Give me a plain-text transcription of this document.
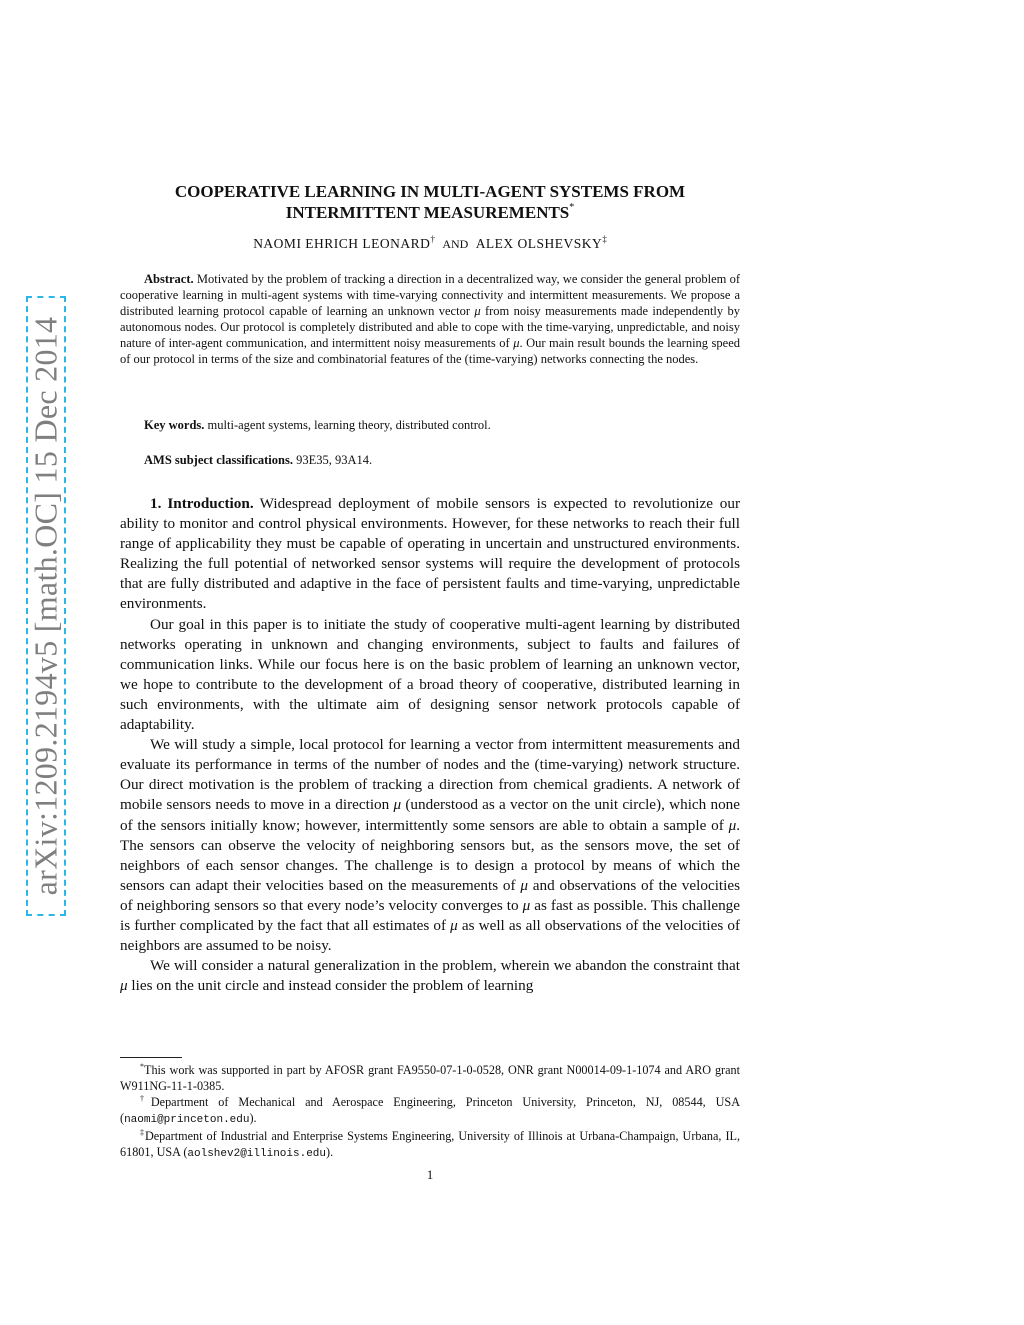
arXiv:1209.2194v5 [math.OC] 15 Dec 2014
COOPERATIVE LEARNING IN MULTI-AGENT SYSTEMS FROM
INTERMITTENT MEASUREMENTS*
NAOMI EHRICH LEONARD† AND ALEX OLSHEVSKY‡
Abstract. Motivated by the problem of tracking a direction in a decentralized way, we consider the general problem of cooperative learning in multi-agent systems with time-varying connectivity and intermittent measurements. We propose a distributed learning protocol capable of learning an unknown vector μ from noisy measurements made independently by autonomous nodes. Our protocol is completely distributed and able to cope with the time-varying, unpredictable, and noisy nature of inter-agent communication, and intermittent noisy measurements of μ. Our main result bounds the learning speed of our protocol in terms of the size and combinatorial features of the (time-varying) networks connecting the nodes.
Key words. multi-agent systems, learning theory, distributed control.
AMS subject classifications. 93E35, 93A14.

1. Introduction. Widespread deployment of mobile sensors is expected to revolutionize our ability to monitor and control physical environments. However, for these networks to reach their full range of applicability they must be capable of operating in uncertain and unstructured environments. Realizing the full potential of networked sensor systems will require the development of protocols that are fully distributed and adaptive in the face of persistent faults and time-varying, unpredictable environments.

Our goal in this paper is to initiate the study of cooperative multi-agent learning by distributed networks operating in unknown and changing environments, subject to faults and failures of communication links. While our focus here is on the basic problem of learning an unknown vector, we hope to contribute to the development of a broad theory of cooperative, distributed learning in such environments, with the ultimate aim of designing sensor network protocols capable of adaptability.

We will study a simple, local protocol for learning a vector from intermittent measurements and evaluate its performance in terms of the number of nodes and the (time-varying) network structure. Our direct motivation is the problem of tracking a direction from chemical gradients. A network of mobile sensors needs to move in a direction μ (understood as a vector on the unit circle), which none of the sensors initially know; however, intermittently some sensors are able to obtain a sample of μ. The sensors can observe the velocity of neighboring sensors but, as the sensors move, the set of neighbors of each sensor changes. The challenge is to design a protocol by means of which the sensors can adapt their velocities based on the measurements of μ and observations of the velocities of neighboring sensors so that every node’s velocity converges to μ as fast as possible. This challenge is further complicated by the fact that all estimates of μ as well as all observations of the velocities of neighbors are assumed to be noisy.

We will consider a natural generalization in the problem, wherein we abandon the constraint that μ lies on the unit circle and instead consider the problem of learning

*This work was supported in part by AFOSR grant FA9550-07-1-0-0528, ONR grant N00014-09-1-1074 and ARO grant W911NG-11-1-0385.

†Department of Mechanical and Aerospace Engineering, Princeton University, Princeton, NJ, 08544, USA (naomi@princeton.edu).

‡Department of Industrial and Enterprise Systems Engineering, University of Illinois at Urbana-Champaign, Urbana, IL, 61801, USA (aolshev2@illinois.edu).

1
